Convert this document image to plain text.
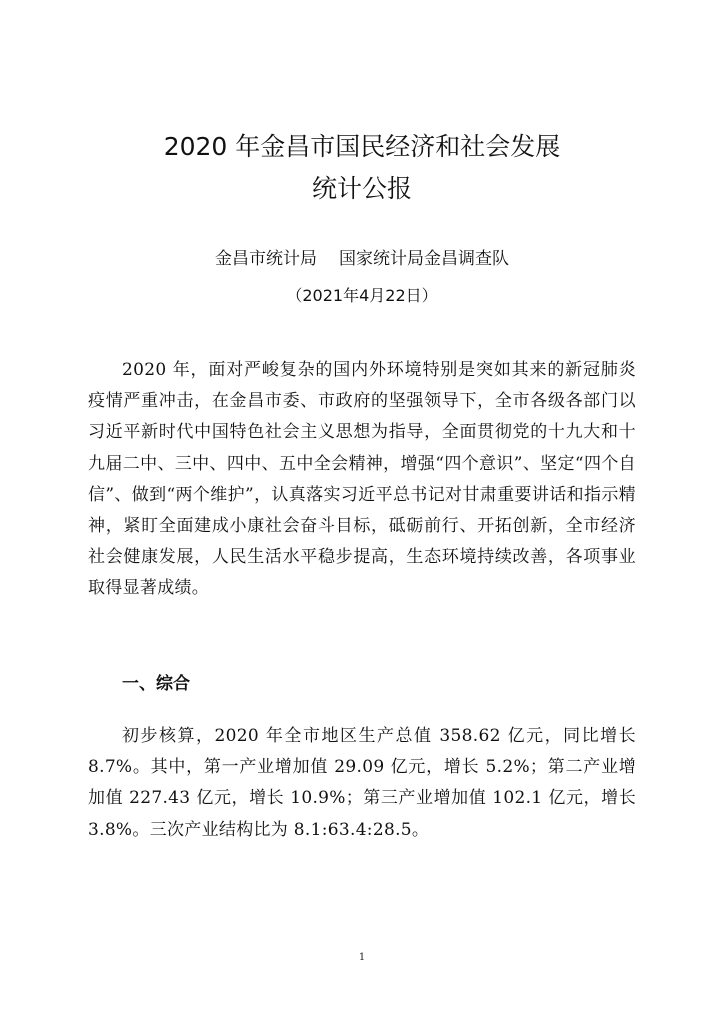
2020 年金昌市国民经济和社会发展
统计公报
金昌市统计局 国家统计局金昌调查队
（2021年4月22日）

2020 年，面对严峻复杂的国内外环境特别是突如其来的新冠肺炎疫情严重冲击，在金昌市委、市政府的坚强领导下，全市各级各部门以习近平新时代中国特色社会主义思想为指导，全面贯彻党的十九大和十九届二中、三中、四中、五中全会精神，增强“四个意识”、坚定“四个自信”、做到“两个维护”，认真落实习近平总书记对甘肃重要讲话和指示精神，紧盯全面建成小康社会奋斗目标，砥砺前行、开拓创新，全市经济社会健康发展，人民生活水平稳步提高，生态环境持续改善，各项事业取得显著成绩。

一、综合

初步核算，2020 年全市地区生产总值 358.62 亿元，同比增长 8.7%。其中，第一产业增加值 29.09 亿元，增长 5.2%；第二产业增加值 227.43 亿元，增长 10.9%；第三产业增加值 102.1 亿元，增长 3.8%。三次产业结构比为 8.1:63.4:28.5。

1
